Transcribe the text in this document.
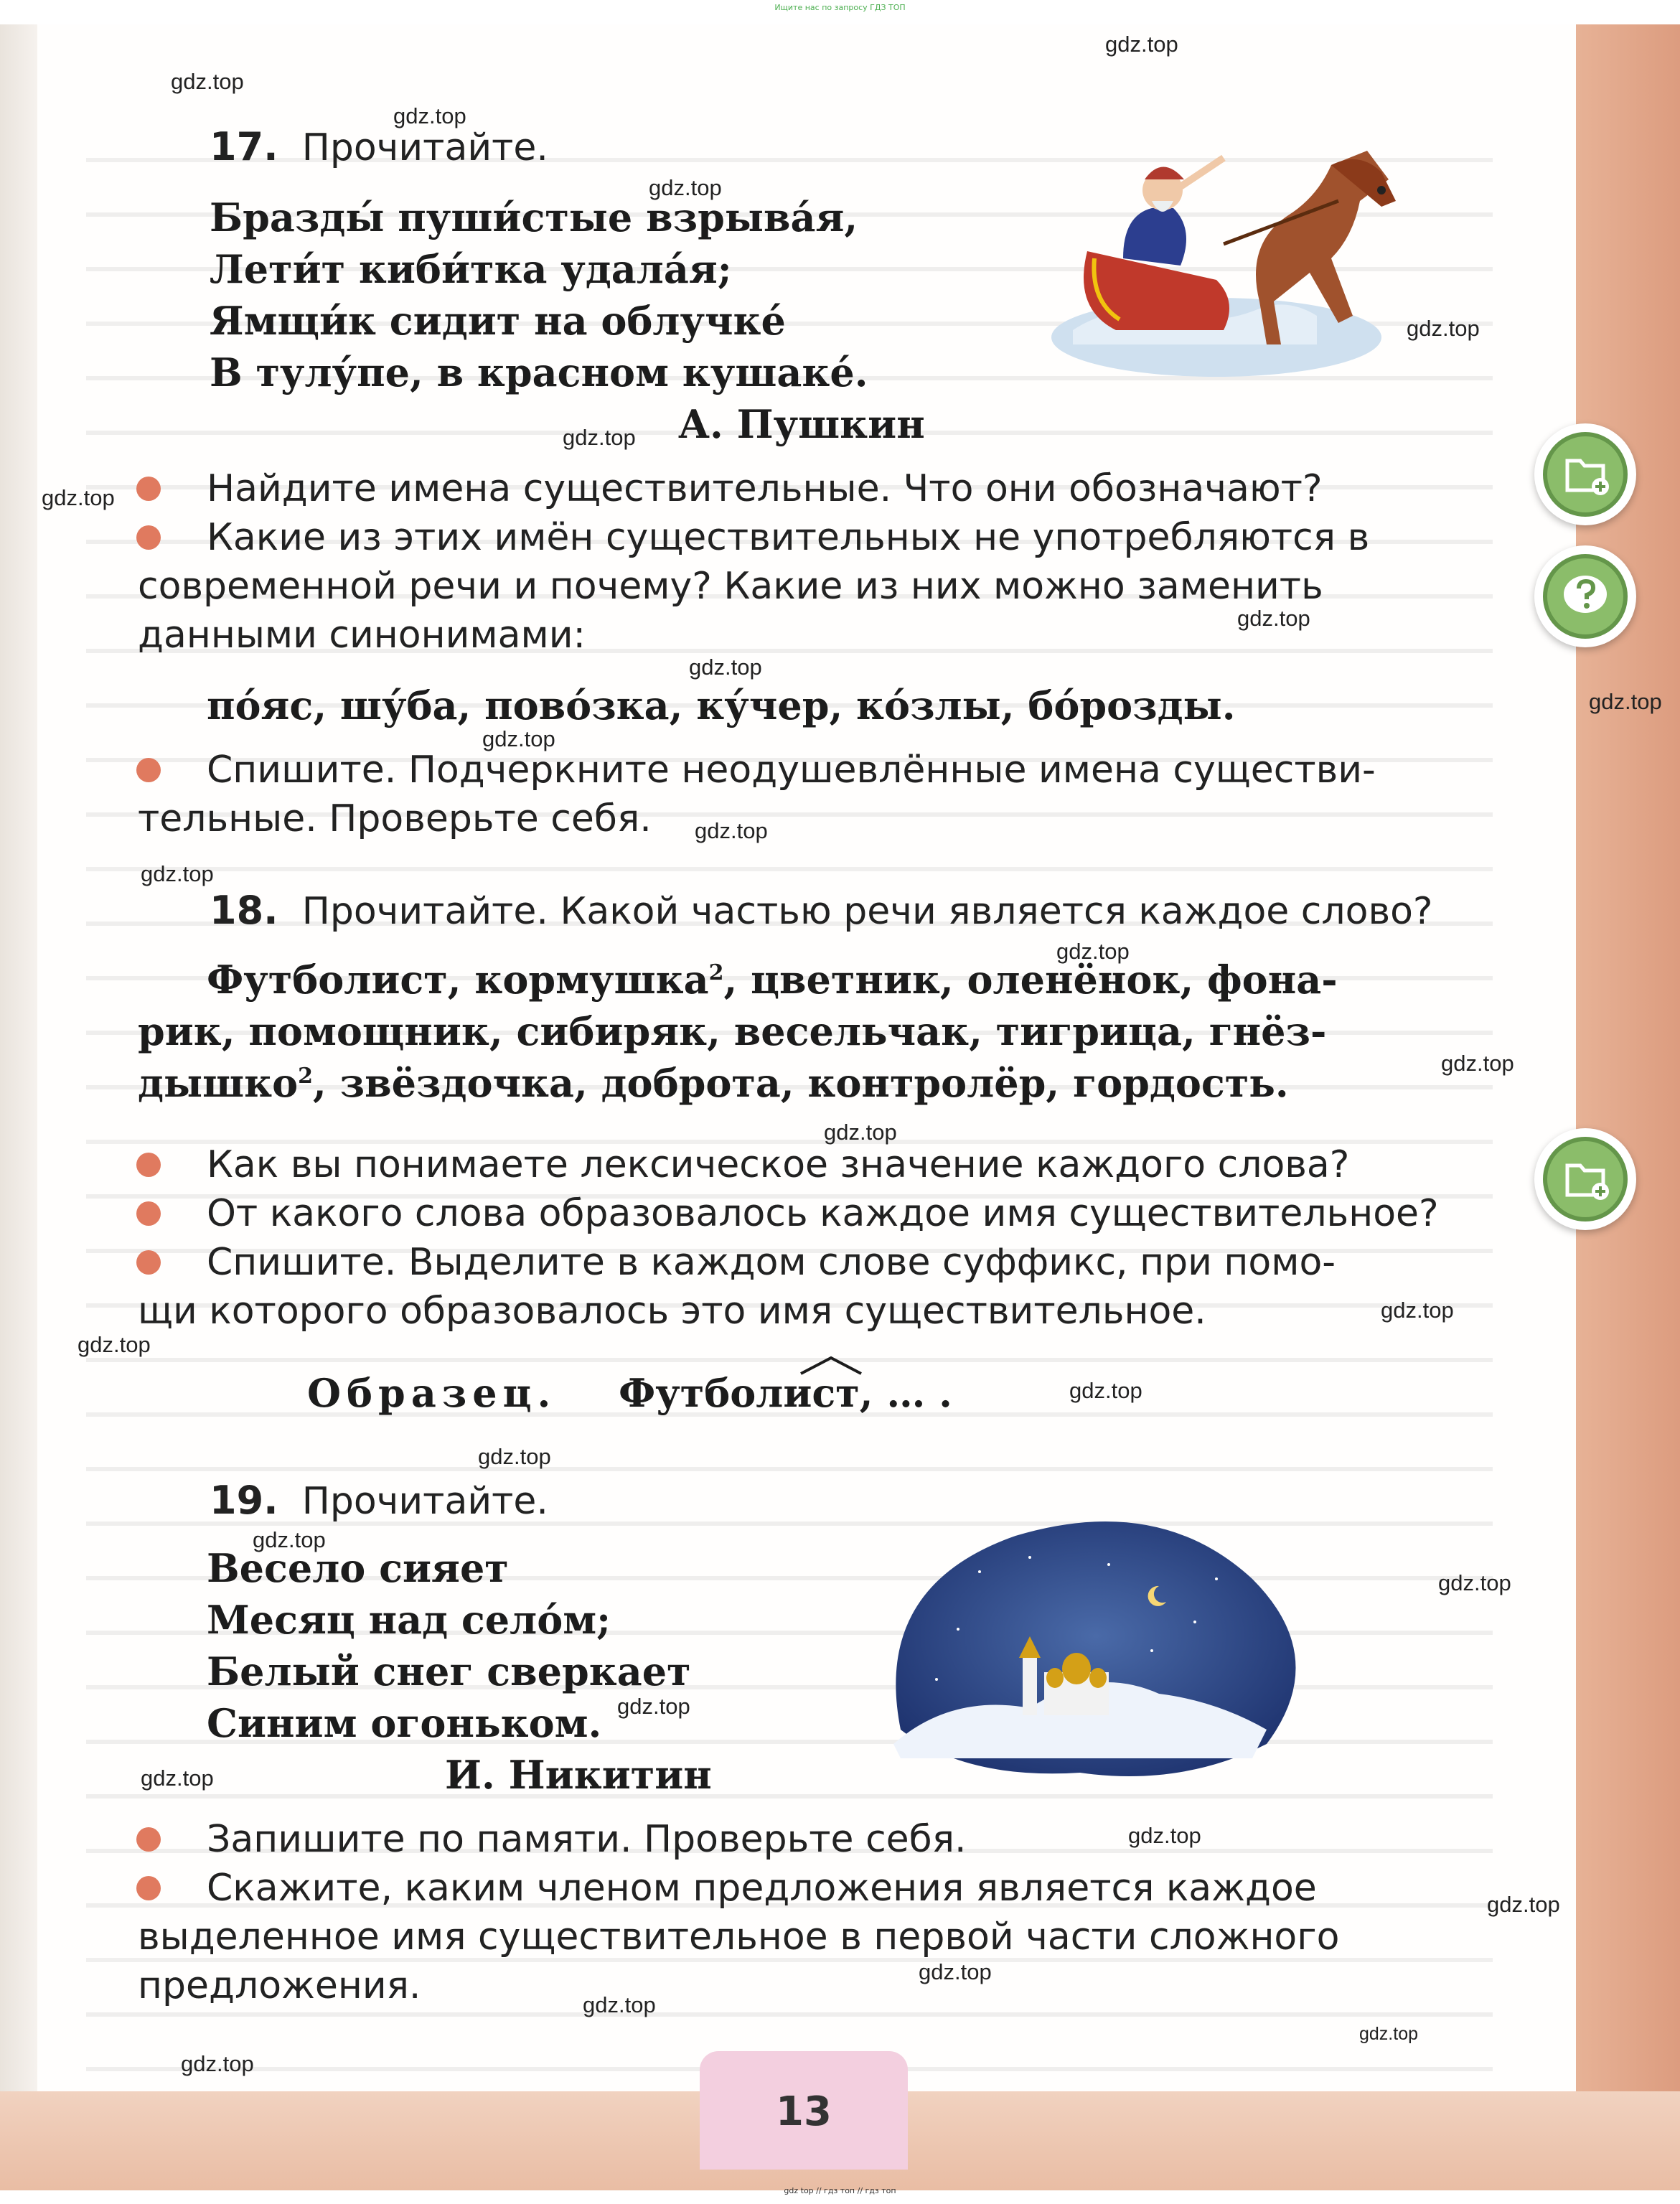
Ищите нас по запросу ГДЗ ТОП
17. Прочитайте.
Бразды́ пуши́стые взрыва́я,
Лети́т киби́тка удала́я;
Ямщи́к сидит на облучке́
В тулу́пе, в красном кушаке́.
А. Пушкин
Найдите имена существительные. Что они обозначают?
Какие из этих имён существительных не употребляются в
современной речи и почему? Какие из них можно заменить
данными синонимами:
по́яс, шу́ба, пово́зка, ку́чер, ко́злы, бо́розды.
Спишите. Подчеркните неодушевлённые имена существи-
тельные. Проверьте себя.
18. Прочитайте. Какой частью речи является каждое слово?
Футболист, кормушка$^2$, цветник, оленёнок, фона-
рик, помощник, сибиряк, весельчак, тигрица, гнёз-
дышко$^2$, звёздочка, доброта, контролёр, гордость.
Как вы понимаете лексическое значение каждого слова?
От какого слова образовалось каждое имя существительное?
Спишите. Выделите в каждом слове суффикс, при помо-
щи которого образовалось это имя существительное.
Образец. Футболист, … .
19. Прочитайте.
Весело сияет
Месяц над село́м;
Белый снег сверкает
Синим огоньком.
И. Никитин
Запишите по памяти. Проверьте себя.
Скажите, каким членом предложения является каждое
выделенное имя существительное в первой части сложного
предложения.
13
gdz top // гдз топ // гдз топ
gdz.top
gdz.top
gdz.top
gdz.top
gdz.top
gdz.top
gdz.top
gdz.top
gdz.top
gdz.top
gdz.top
gdz.top
gdz.top
gdz.top
gdz.top
gdz.top
gdz.top
gdz.top
gdz.top
gdz.top
gdz.top
gdz.top
gdz.top
gdz.top
gdz.top
gdz.top
gdz.top
gdz.top
gdz.top
gdz.top
